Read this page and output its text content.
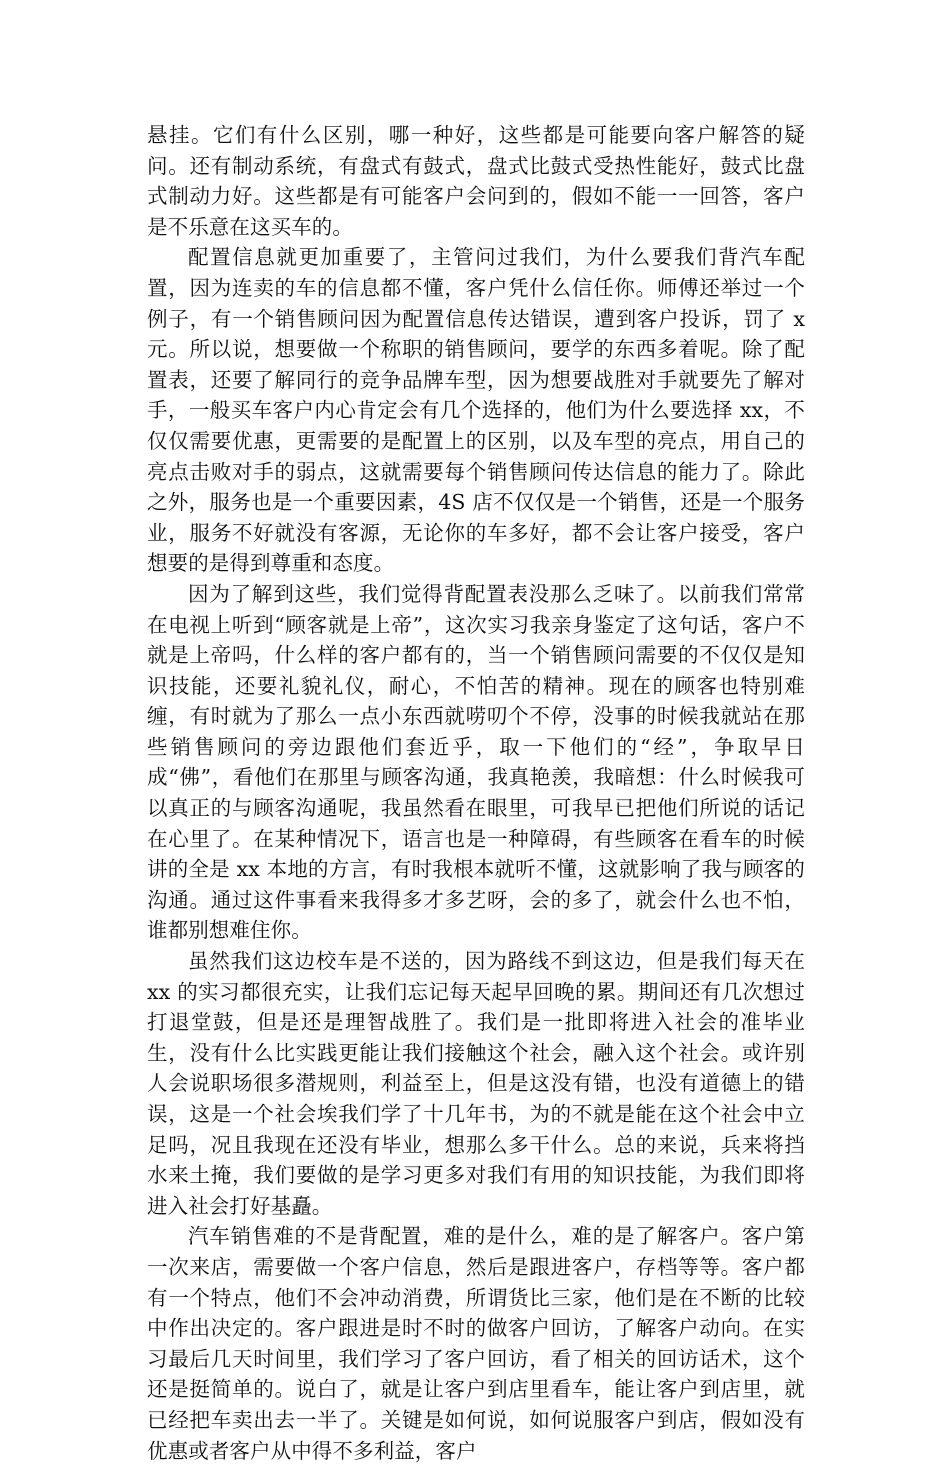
悬挂。它们有什么区别，哪一种好，这些都是可能要向客户解答的疑问。还有制动系统，有盘式有鼓式，盘式比鼓式受热性能好，鼓式比盘式制动力好。这些都是有可能客户会问到的，假如不能一一回答，客户是不乐意在这买车的。

配置信息就更加重要了，主管问过我们，为什么要我们背汽车配置，因为连卖的车的信息都不懂，客户凭什么信任你。师傅还举过一个例子，有一个销售顾问因为配置信息传达错误，遭到客户投诉，罚了 x 元。所以说，想要做一个称职的销售顾问，要学的东西多着呢。除了配置表，还要了解同行的竞争品牌车型，因为想要战胜对手就要先了解对手，一般买车客户内心肯定会有几个选择的，他们为什么要选择 xx，不仅仅需要优惠，更需要的是配置上的区别，以及车型的亮点，用自己的亮点击败对手的弱点，这就需要每个销售顾问传达信息的能力了。除此之外，服务也是一个重要因素，4S 店不仅仅是一个销售，还是一个服务业，服务不好就没有客源，无论你的车多好，都不会让客户接受，客户想要的是得到尊重和态度。

因为了解到这些，我们觉得背配置表没那么乏味了。以前我们常常在电视上听到“顾客就是上帝”，这次实习我亲身鉴定了这句话，客户不就是上帝吗，什么样的客户都有的，当一个销售顾问需要的不仅仅是知识技能，还要礼貌礼仪，耐心，不怕苦的精神。现在的顾客也特别难缠，有时就为了那么一点小东西就唠叨个不停，没事的时候我就站在那些销售顾问的旁边跟他们套近乎，取一下他们的“经”，争取早日成“佛”，看他们在那里与顾客沟通，我真艳羡，我暗想：什么时候我可以真正的与顾客沟通呢，我虽然看在眼里，可我早已把他们所说的话记在心里了。在某种情况下，语言也是一种障碍，有些顾客在看车的时候讲的全是 xx 本地的方言，有时我根本就听不懂，这就影响了我与顾客的沟通。通过这件事看来我得多才多艺呀，会的多了，就会什么也不怕，谁都别想难住你。

虽然我们这边校车是不送的，因为路线不到这边，但是我们每天在 xx 的实习都很充实，让我们忘记每天起早回晚的累。期间还有几次想过打退堂鼓，但是还是理智战胜了。我们是一批即将进入社会的准毕业生，没有什么比实践更能让我们接触这个社会，融入这个社会。或许别人会说职场很多潜规则，利益至上，但是这没有错，也没有道德上的错误，这是一个社会埃我们学了十几年书，为的不就是能在这个社会中立足吗，况且我现在还没有毕业，想那么多干什么。总的来说，兵来将挡水来土掩，我们要做的是学习更多对我们有用的知识技能，为我们即将进入社会打好基矗。

汽车销售难的不是背配置，难的是什么，难的是了解客户。客户第一次来店，需要做一个客户信息，然后是跟进客户，存档等等。客户都有一个特点，他们不会冲动消费，所谓货比三家，他们是在不断的比较中作出决定的。客户跟进是时不时的做客户回访，了解客户动向。在实习最后几天时间里，我们学习了客户回访，看了相关的回访话术，这个还是挺简单的。说白了，就是让客户到店里看车，能让客户到店里，就已经把车卖出去一半了。关键是如何说，如何说服客户到店，假如没有优惠或者客户从中得不多利益，客户
